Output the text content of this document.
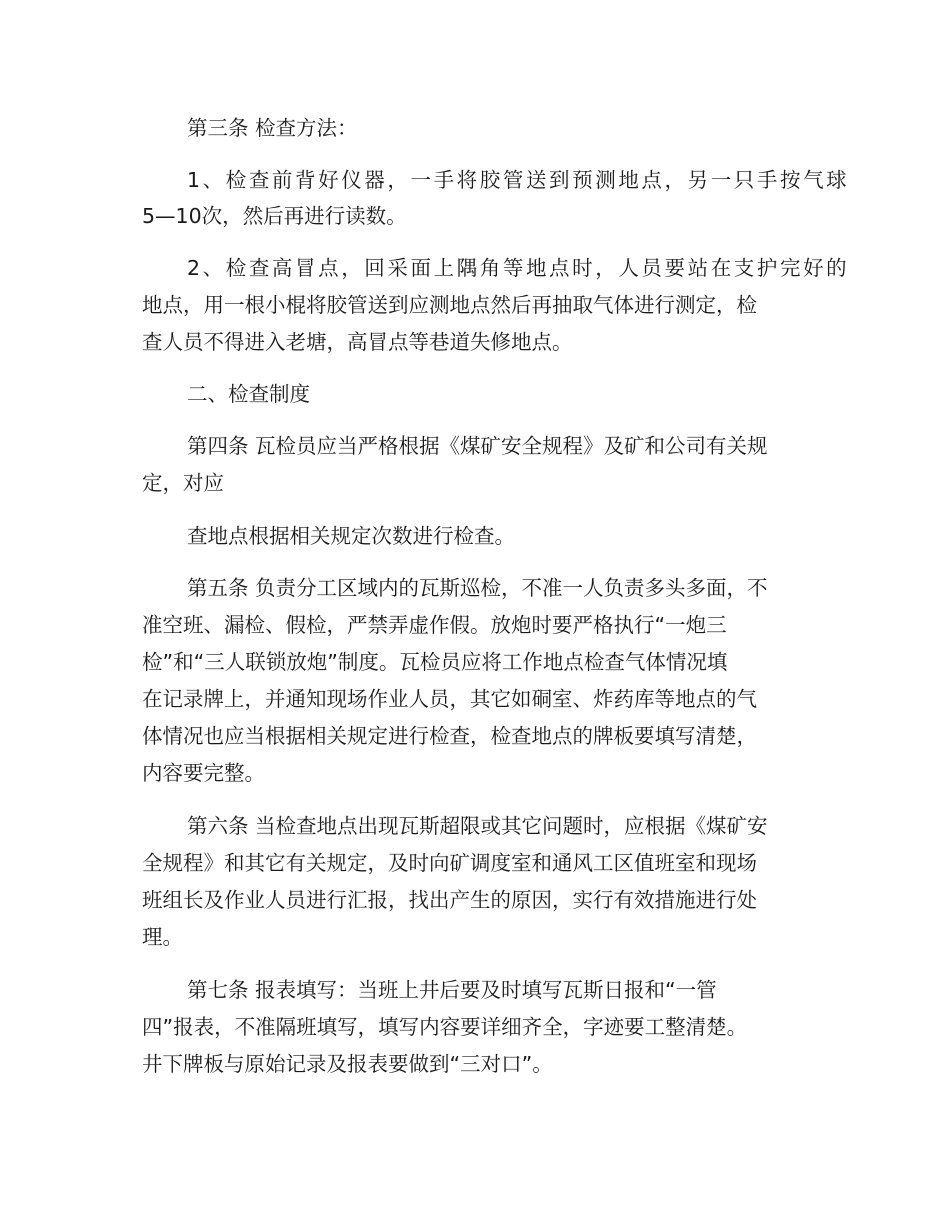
第三条 检查方法：

1 、 检 查 前 背 好 仪 器 ， 一 手 将 胶 管 送 到 预 测 地 点 ， 另 一 只 手 按 气 球

5—10次，然后再进行读数。

2 、 检 查 高 冒 点 ， 回 采 面 上 隅 角 等 地 点 时 ， 人 员 要 站 在 支 护 完 好 的

地点，用一根小棍将胶管送到应测地点然后再抽取气体进行测定，检

查人员不得进入老塘，高冒点等巷道失修地点。

二、检查制度

第四条 瓦检员应当严格根据《煤矿安全规程》及矿和公司有关规

定，对应

查地点根据相关规定次数进行检查。

第五条 负责分工区域内的瓦斯巡检，不准一人负责多头多面，不

准空班、漏检、假检，严禁弄虚作假。放炮时要严格执行“一炮三

检”和“三人联锁放炮”制度。瓦检员应将工作地点检查气体情况填

在记录牌上，并通知现场作业人员，其它如硐室、炸药库等地点的气

体情况也应当根据相关规定进行检查，检查地点的牌板要填写清楚，

内容要完整。

第六条 当检查地点出现瓦斯超限或其它问题时，应根据《煤矿安

全规程》和其它有关规定，及时向矿调度室和通风工区值班室和现场

班组长及作业人员进行汇报，找出产生的原因，实行有效措施进行处

理。

第七条 报表填写：当班上井后要及时填写瓦斯日报和“一管

四”报表，不准隔班填写，填写内容要详细齐全，字迹要工整清楚。

井下牌板与原始记录及报表要做到“三对口”。
